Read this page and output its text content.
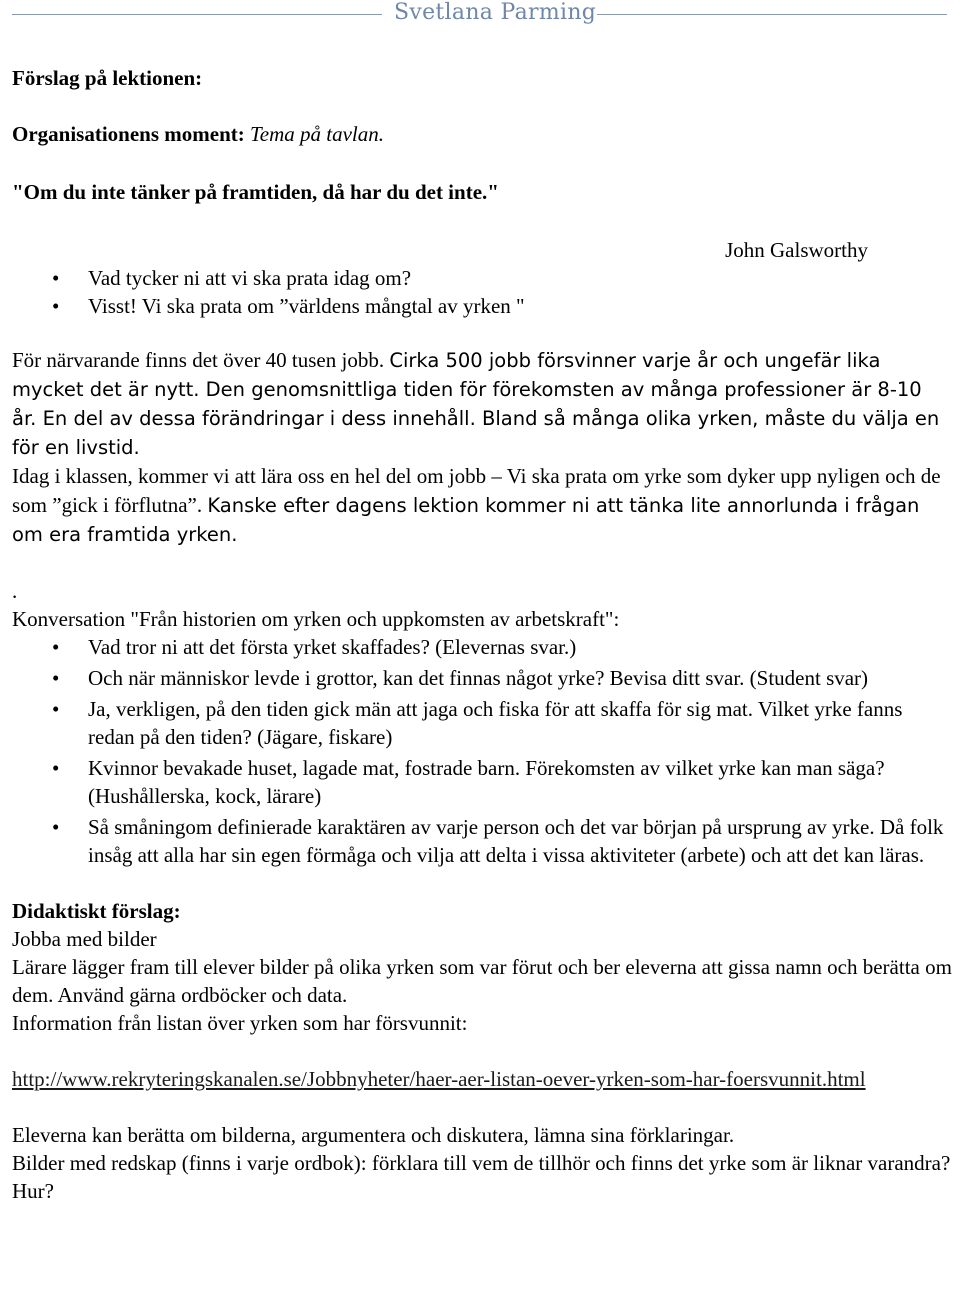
Svetlana Parming

Förslag på lektionen:

Organisationens moment: Tema på tavlan.

"Om du inte tänker på framtiden, då har du det inte."

John Galsworthy

• Vad tycker ni att vi ska prata idag om?
• Visst! Vi ska prata om ”världens mångtal av yrken "

För närvarande finns det över 40 tusen jobb. Cirka 500 jobb försvinner varje år och ungefär lika mycket det är nytt. Den genomsnittliga tiden för förekomsten av många professioner är 8-10 år. En del av dessa förändringar i dess innehåll. Bland så många olika yrken, måste du välja en för en livstid.

Idag i klassen, kommer vi att lära oss en hel del om jobb – Vi ska prata om yrke som dyker upp nyligen och de som ”gick i förflutna”. Kanske efter dagens lektion kommer ni att tänka lite annorlunda i frågan om era framtida yrken.

.

Konversation "Från historien om yrken och uppkomsten av arbetskraft":

• Vad tror ni att det första yrket skaffades? (Elevernas svar.)
• Och när människor levde i grottor, kan det finnas något yrke? Bevisa ditt svar. (Student svar)
• Ja, verkligen, på den tiden gick män att jaga och fiska för att skaffa för sig mat. Vilket yrke fanns redan på den tiden? (Jägare, fiskare)
• Kvinnor bevakade huset, lagade mat, fostrade barn. Förekomsten av vilket yrke kan man säga? (Hushållerska, kock, lärare)
• Så småningom definierade karaktären av varje person och det var början på ursprung av yrke. Då folk insåg att alla har sin egen förmåga och vilja att delta i vissa aktiviteter (arbete) och att det kan läras.

Didaktiskt förslag:

Jobba med bilder

Lärare lägger fram till elever bilder på olika yrken som var förut och ber eleverna att gissa namn och berätta om dem. Använd gärna ordböcker och data.

Information från listan över yrken som har försvunnit:

http://www.rekryteringskanalen.se/Jobbnyheter/haer-aer-listan-oever-yrken-som-har-foersvunnit.html

Eleverna kan berätta om bilderna, argumentera och diskutera, lämna sina förklaringar.

Bilder med redskap (finns i varje ordbok): förklara till vem de tillhör och finns det yrke som är liknar varandra? Hur?
